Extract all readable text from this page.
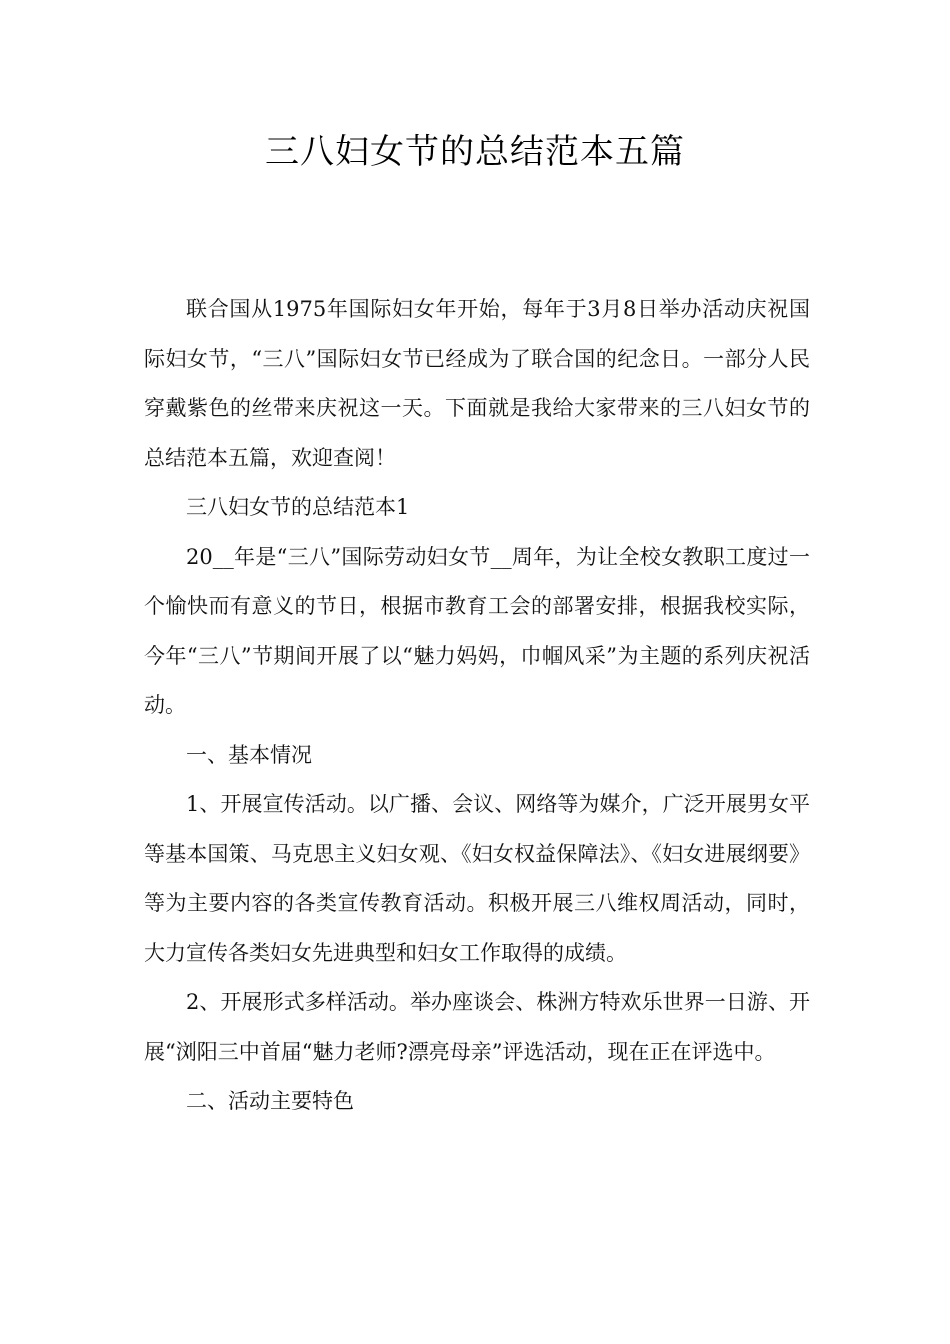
三八妇女节的总结范本五篇

联合国从1975年国际妇女年开始，每年于3月8日举办活动庆祝国际妇女节，“三八”国际妇女节已经成为了联合国的纪念日。一部分人民穿戴紫色的丝带来庆祝这一天。下面就是我给大家带来的三八妇女节的总结范本五篇，欢迎查阅！

三八妇女节的总结范本1

20__年是“三八”国际劳动妇女节__周年，为让全校女教职工度过一个愉快而有意义的节日，根据市教育工会的部署安排，根据我校实际，今年“三八”节期间开展了以“魅力妈妈，巾帼风采”为主题的系列庆祝活动。

一、基本情况

1、开展宣传活动。以广播、会议、网络等为媒介，广泛开展男女平等基本国策、马克思主义妇女观、《妇女权益保障法》、《妇女进展纲要》等为主要内容的各类宣传教育活动。积极开展三八维权周活动，同时，大力宣传各类妇女先进典型和妇女工作取得的成绩。

2、开展形式多样活动。举办座谈会、株洲方特欢乐世界一日游、开展“浏阳三中首届“魅力老师?漂亮母亲”评选活动，现在正在评选中。

二、活动主要特色
